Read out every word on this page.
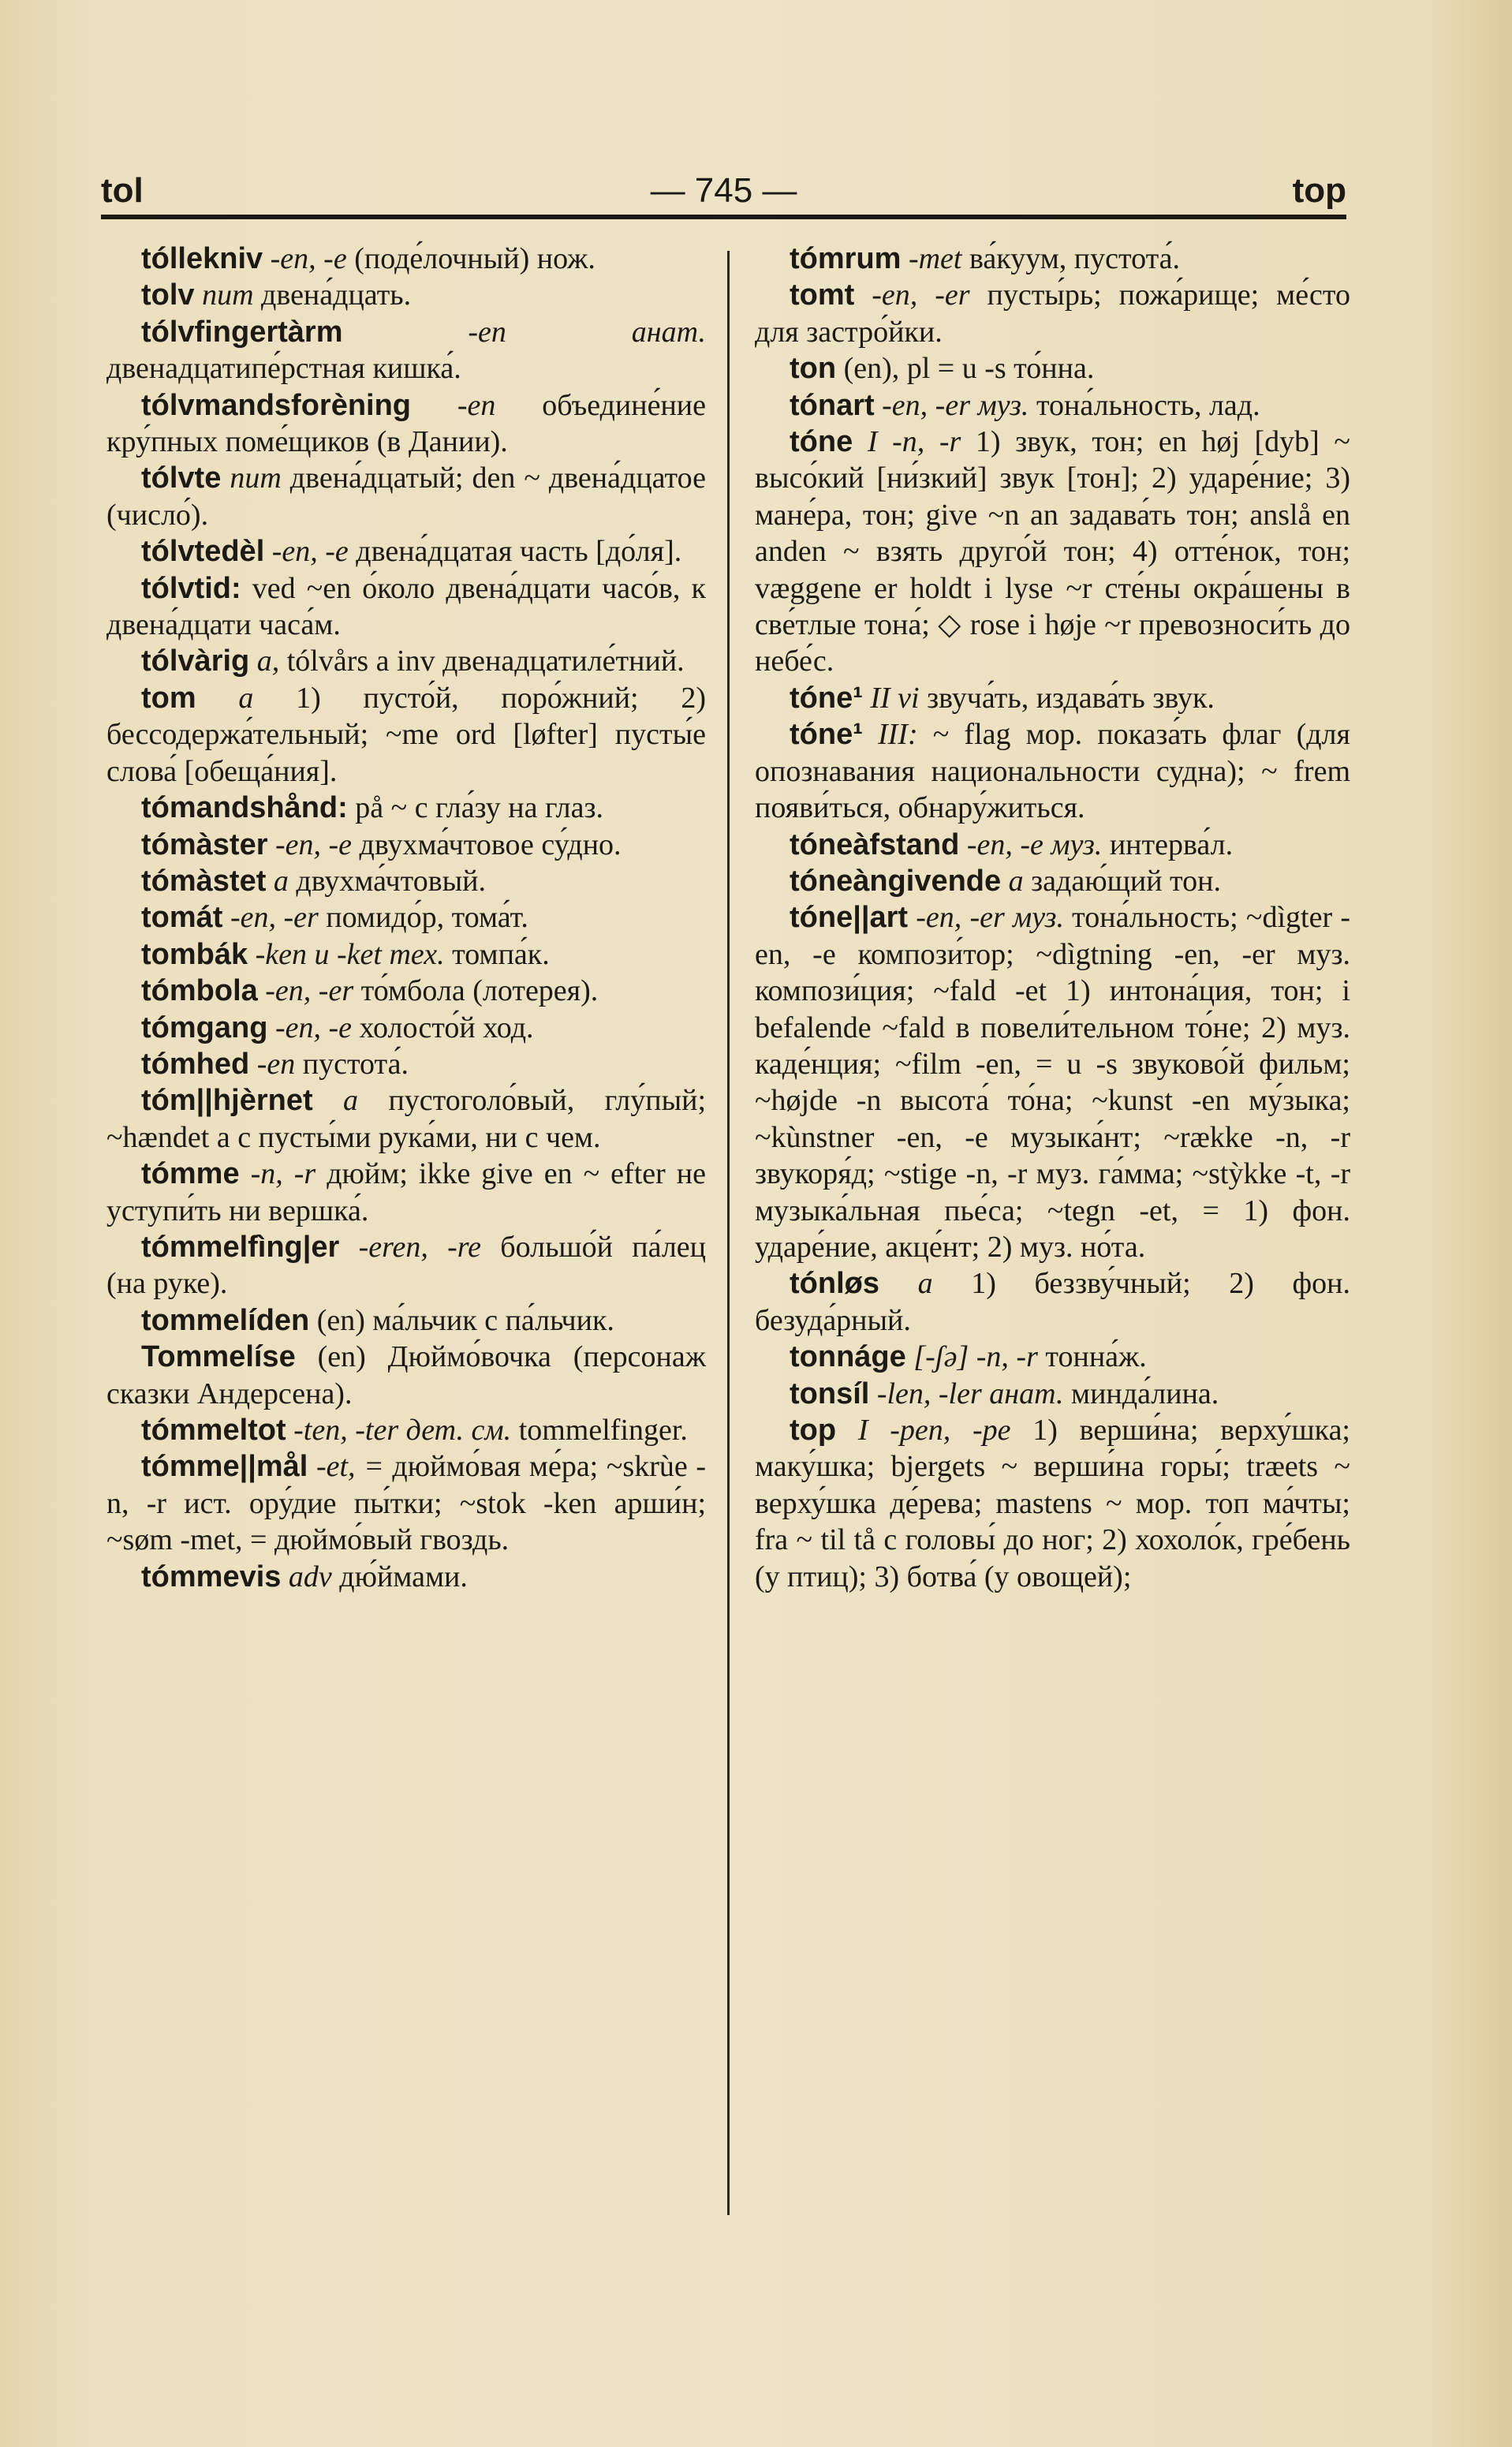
tol	— 745 —	top

tóllekniv -en, -e (поде́лочный) нож.

tolv num двена́дцать.

tólvfingertàrm -en анат. двенадцатипе́рстная кишка́.

tólvmandsforèning -en объедине́ние кру́пных поме́щиков (в Дании).

tólvte num двена́дцатый; den ~ двена́дцатое (число́).

tólvtedèl -en, -e двена́дцатая часть [до́ля].

tólvtid: ved ~en о́коло двена́дцати часо́в, к двена́дцати часа́м.

tólvàrig a, tólvårs a inv двенадцатиле́тний.

tom a 1) пусто́й, поро́жний; 2) бессодержа́тельный; ~me ord [løfter] пусты́е слова́ [обеща́ния].

tómandshånd: på ~ с гла́зу на глаз.

tómàster -en, -e двухма́чтовое су́дно.

tómàstet a двухма́чтовый.

tomát -en, -er помидо́р, тома́т.

tombák -ken u -ket тех. томпа́к.

tómbola -en, -er то́мбола (лотерея).

tómgang -en, -e холосто́й ход.

tómhed -en пустота́.

tóm||hjèrnet a пустоголо́вый, глу́пый; ~hændet a с пусты́ми рука́ми, ни с чем.

tómme -n, -r дюйм; ikke give en ~ efter не уступи́ть ни вершка́.

tómmelfìng|er -eren, -re большо́й па́лец (на руке).

tommelíden (en) ма́льчик с па́льчик.

Tommelíse (en) Дюймо́вочка (персонаж сказки Андерсена).

tómmeltot -ten, -ter дет. см. tommelfinger.

tómme||mål -et, = дюймо́вая ме́ра; ~skrùe -n, -r ист. ору́дие пы́тки; ~stok -ken арши́н; ~søm -met, = дюймо́вый гвоздь.

tómmevis adv дю́ймами.

tómrum -met ва́куум, пустота́.

tomt -en, -er пусты́рь; пожа́рище; ме́сто для застро́йки.

ton (en), pl = u -s то́нна.

tónart -en, -er муз. тона́льность, лад.

tóne I -n, -r 1) звук, тон; en høj [dyb] ~ высо́кий [ни́зкий] звук [тон]; 2) ударе́ние; 3) мане́ра, тон; give ~n an задава́ть тон; anslå en anden ~ взять друго́й тон; 4) отте́нок, тон; væggene er holdt i lyse ~r сте́ны окра́шены в све́тлые тона́; ◇ rose i høje ~r превозноси́ть до небе́с.

tóne¹ II vi звуча́ть, издава́ть звук.

tóne¹ III: ~ flag мор. показа́ть флаг (для опознавания национальности судна); ~ frem появи́ться, обнару́житься.

tóneàfstand -en, -e муз. интерва́л.

tóneàngivende a задаю́щий тон.

tóne||art -en, -er муз. тона́льность; ~dìgter -en, -e компози́тор; ~dìgtning -en, -er муз. компози́ция; ~fald -et 1) интона́ция, тон; i befalende ~fald в повели́тельном то́не; 2) муз. каде́нция; ~film -en, = u -s звуково́й фильм; ~højde -n высота́ то́на; ~kunst -en му́зыка; ~kùnstner -en, -e музыка́нт; ~række -n, -r звукоря́д; ~stige -n, -r муз. га́мма; ~stỳkke -t, -r музыка́льная пье́са; ~tegn -et, = 1) фон. ударе́ние, акце́нт; 2) муз. но́та.

tónløs a 1) беззву́чный; 2) фон. безуда́рный.

tonnáge [-ʃə] -n, -r тонна́ж.

tonsíl -len, -ler анат. минда́лина.

top I -pen, -pe 1) верши́на; верху́шка; маку́шка; bjergets ~ верши́на горы́; træets ~ верху́шка де́рева; mastens ~ мор. топ ма́чты; fra ~ til tå с головы́ до ног; 2) хохоло́к, гре́бень (у птиц); 3) ботва́ (у овощей);
